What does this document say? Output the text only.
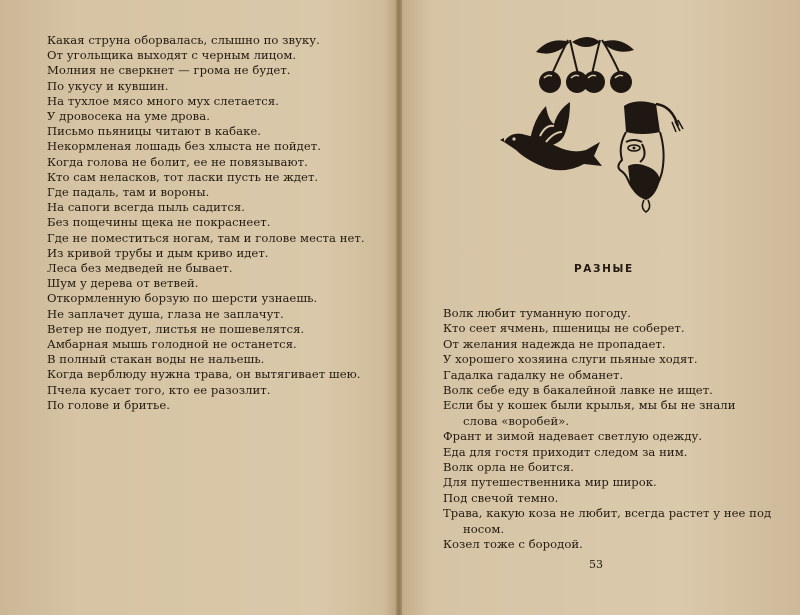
Какая струна оборвалась, слышно по звуку.
От угольщика выходят с черным лицом.
Молния не сверкнет — грома не будет.
По укусу и кувшин.
На тухлое мясо много мух слетается.
У дровосека на уме дрова.
Письмо пьяницы читают в кабаке.
Некормленая лошадь без хлыста не пойдет.
Когда голова не болит, ее не повязывают.
Кто сам неласков, тот ласки пусть не ждет.
Где падаль, там и вороны.
На сапоги всегда пыль садится.
Без пощечины щека не покраснеет.
Где не поместиться ногам, там и голове места нет.
Из кривой трубы и дым криво идет.
Леса без медведей не бывает.
Шум у дерева от ветвей.
Откормленную борзую по шерсти узнаешь.
Не заплачет душа, глаза не заплачут.
Ветер не подует, листья не пошевелятся.
Амбарная мышь голодной не останется.
В полный стакан воды не нальешь.
Когда верблюду нужна трава, он вытягивает шею.
Пчела кусает того, кто ее разозлит.
По голове и бритье.
РАЗНЫЕ
Волк любит туманную погоду.
Кто сеет ячмень, пшеницы не соберет.
От желания надежда не пропадает.
У хорошего хозяина слуги пьяные ходят.
Гадалка гадалку не обманет.
Волк себе еду в бакалейной лавке не ищет.
Если бы у кошек были крылья, мы бы не знали
слова «воробей».
Франт и зимой надевает светлую одежду.
Еда для гостя приходит следом за ним.
Волк орла не боится.
Для путешественника мир широк.
Под свечой темно.
Трава, какую коза не любит, всегда растет у нее под
носом.
Козел тоже с бородой.
53
